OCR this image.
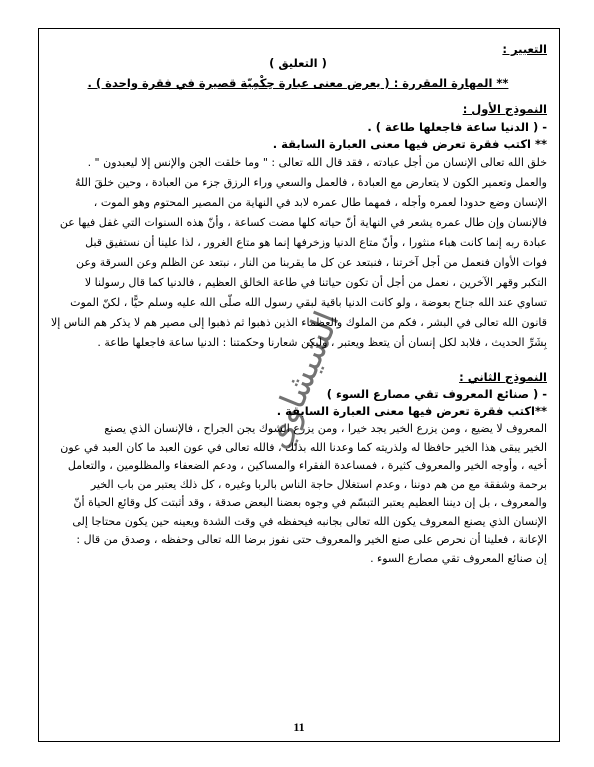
التعبير :
( التعليق )
** المهارة المقررة : ( يعرض معنى عبارة حِكْمِيّة قصيرة في فقرة واحدة ) .
النموذج الأول :
- ( الدنيا ساعة فاجعلها طاعة ) .
** اكتب فقرة تعرض فيها معنى العبارة السابقة .
خلق الله تعالى الإنسان من أجل عبادته ، فقد قال الله تعالى : " وما خلقت الجن والإنس إلا ليعبدون " .
والعمل وتعمير الكون لا يتعارض مع العبادة ، فالعمل والسعي وراء الرزق جزء من العبادة ، وحين خلقَ اللهُ
الإنسان وضع حدودا لعمره وأجله ، فمهما طال عمره لابد في النهاية من المصير المحتوم وهو الموت ،
فالإنسان وإن طال عمره يشعر في النهاية أنّ حياته كلها مضت كساعة ، وأنّ هذه السنوات التي غفل فيها عن
عبادة ربه إنما كانت هباء منثورا ، وأنّ متاع الدنيا وزخرفها إنما هو متاع الغرور ، لذا علينا أن نستفيق قبل
فوات الأوان فنعمل من أجل آخرتنا ، فنبتعد عن كل ما يقربنا من النار ، نبتعد عن الظلم وعن السرقة وعن
التكبر وقهر الآخرين ، نعمل من أجل أن تكون حياتنا في طاعة الخالق العظيم ، فالدنيا كما قال رسولنا لا
تساوي عند الله جناح بعوضة ، ولو كانت الدنيا باقية لبقي رسول الله صلّى الله عليه وسلم حيًّا ، لكنّ الموت
قانون الله تعالى في البشر ، فكم من الملوك والعظماء الذين ذهبوا ثم ذهبوا إلى مصير هم لا يذكر هم الناس إلا
بِشَرِّ الحديث ، فلابد لكل إنسان أن يتعظ ويعتبر ، وليكن شعارنا وحكمتنا : الدنيا ساعة فاجعلها طاعة .
النموذج الثاني :
- ( صنائع المعروف تقي مصارع السوء )
**اكتب فقرة تعرض فيها معنى العبارة السابقة .
المعروف لا يضيع ، ومن يزرع الخير يجد خيرا ، ومن يزرع الشوك يجن الجراح ، فالإنسان الذي يصنع
الخير يبقى هذا الخير حافظا له ولذريته كما وعدنا الله بذلك ، فالله تعالى في عون العبد ما كان العبد في عون
أخيه ، وأوجه الخير والمعروف كثيرة ، فمساعدة الفقراء والمساكين ، ودعم الضعفاء والمظلومين ، والتعامل
برحمة وشفقة مع من هم دوننا ، وعدم استغلال حاجة الناس بالربا وغيره ، كل ذلك يعتبر من باب الخير
والمعروف ، بل إن ديننا العظيم يعتبر التبسّم في وجوه بعضنا البعض صدقة ، وقد أثبتت كل وقائع الحياة أنّ
الإنسان الذي يصنع المعروف يكون الله تعالى بجانبه فيحفظه في وقت الشدة ويعينه حين يكون محتاجا إلى
الإعانة ، فعلينا أن نحرص على صنع الخير والمعروف حتى نفوز برضا الله تعالى وحفظه ، وصدق من قال :
إن صنائع المعروف تقي مصارع السوء .
11
الشيشاوي
